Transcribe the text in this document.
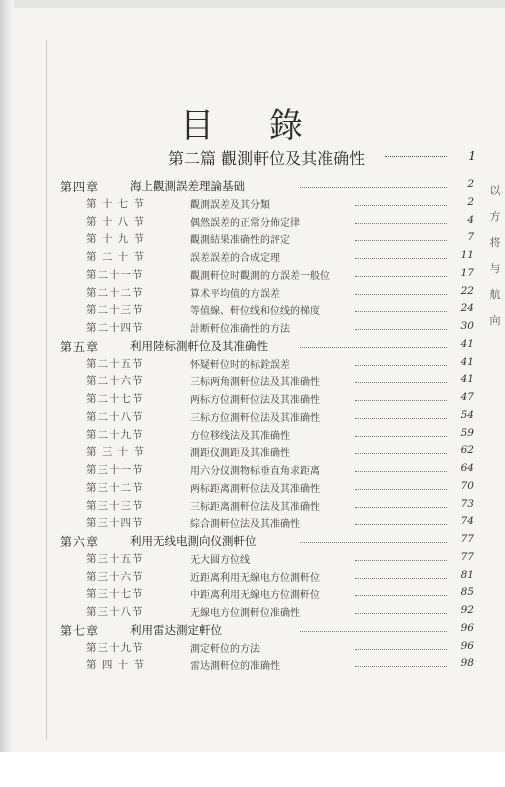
目 錄
第二篇 觀測軒位及其准确性	1
第四章	海上觀測誤差理論基础	2
第 十 七 节	觀測誤差及其分類	2
第 十 八 节	偶然誤差的正常分佈定律	4
第 十 九 节	觀測結果准确性的評定	7
第 二 十 节	誤差誤差的合成定理	11
第二十一节	觀測軒位时觀測的方誤差一般位	17
第二十二节	算术平均值的方誤差	22
第二十三节	等值線、軒位线和位线的梯度	24
第二十四节	計断軒位准确性的方法	30
第五章	利用陸标測軒位及其准确性	41
第二十五节	怀疑軒位时的标銓誤差	41
第二十六节	三标两角測軒位法及其准确性	41
第二十七节	两标方位測軒位法及其准确性	47
第二十八节	三标方位測軒位法及其准确性	54
第二十九节	方位移线法及其准确性	59
第 三 十 节	測距仪測距及其准确性	62
第三十一节	用六分仪測物标垂直角求距离	64
第三十二节	两标距离測軒位法及其准确性	70
第三十三节	三标距离測軒位法及其准确性	73
第三十四节	綜合測軒位法及其准确性	74
第六章	利用无线电測向仪測軒位	77
第三十五节	无大圆方位线	77
第三十六节	近距离利用无線电方位測軒位	81
第三十七节	中距离利用无線电方位測軒位	85
第三十八节	无線电方位測軒位准确性	92
第七章	利用雷达測定軒位	96
第三十九节	測定軒位的方法	96
第 四 十 节	雷达測軒位的准确性	98
以
方
将
与
航
向
